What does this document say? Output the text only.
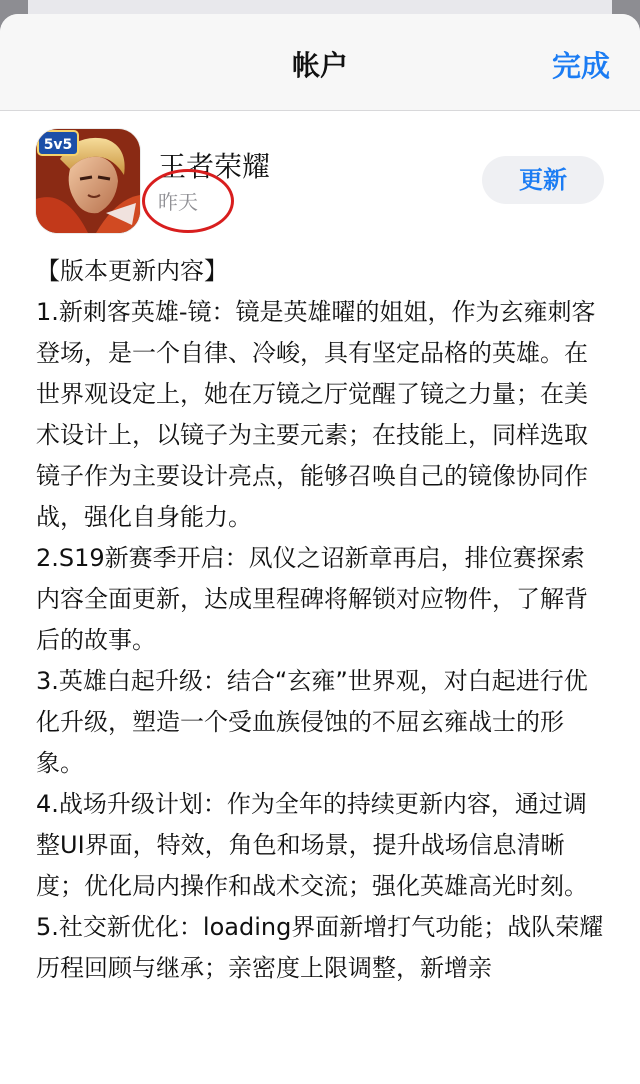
帐户	完成
5v5
王者荣耀
昨天
更新

【版本更新内容】

1.新刺客英雄-镜：镜是英雄曜的姐姐，作为玄雍刺客登场，是一个自律、冷峻，具有坚定品格的英雄。在世界观设定上，她在万镜之厅觉醒了镜之力量；在美术设计上，以镜子为主要元素；在技能上，同样选取镜子作为主要设计亮点，能够召唤自己的镜像协同作战，强化自身能力。

2.S19新赛季开启：凤仪之诏新章再启，排位赛探索内容全面更新，达成里程碑将解锁对应物件，了解背后的故事。

3.英雄白起升级：结合“玄雍”世界观，对白起进行优化升级，塑造一个受血族侵蚀的不屈玄雍战士的形象。

4.战场升级计划：作为全年的持续更新内容，通过调整UI界面，特效，角色和场景，提升战场信息清晰度；优化局内操作和战术交流；强化英雄高光时刻。

5.社交新优化：loading界面新增打气功能；战队荣耀历程回顾与继承；亲密度上限调整，新增亲
